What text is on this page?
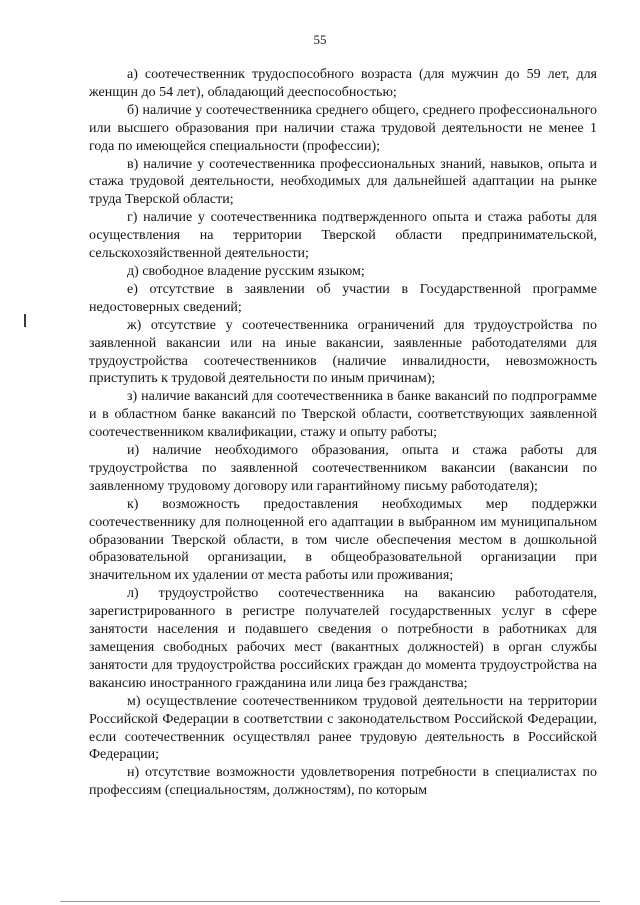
55

а) соотечественник трудоспособного возраста (для мужчин до 59 лет, для женщин до 54 лет), обладающий дееспособностью;

б) наличие у соотечественника среднего общего, среднего профессионального или высшего образования при наличии стажа трудовой деятельности не менее 1 года по имеющейся специальности (профессии);

в) наличие у соотечественника профессиональных знаний, навыков, опыта и стажа трудовой деятельности, необходимых для дальнейшей адаптации на рынке труда Тверской области;

г) наличие у соотечественника подтвержденного опыта и стажа работы для осуществления на территории Тверской области предпринимательской, сельскохозяйственной деятельности;

д) свободное владение русским языком;

е) отсутствие в заявлении об участии в Государственной программе недостоверных сведений;

ж) отсутствие у соотечественника ограничений для трудоустройства по заявленной вакансии или на иные вакансии, заявленные работодателями для трудоустройства соотечественников (наличие инвалидности, невозможность приступить к трудовой деятельности по иным причинам);

з) наличие вакансий для соотечественника в банке вакансий по подпрограмме и в областном банке вакансий по Тверской области, соответствующих заявленной соотечественником квалификации, стажу и опыту работы;

и) наличие необходимого образования, опыта и стажа работы для трудоустройства по заявленной соотечественником вакансии (вакансии по заявленному трудовому договору или гарантийному письму работодателя);

к) возможность предоставления необходимых мер поддержки соотечественнику для полноценной его адаптации в выбранном им муниципальном образовании Тверской области, в том числе обеспечения местом в дошкольной образовательной организации, в общеобразовательной организации при значительном их удалении от места работы или проживания;

л) трудоустройство соотечественника на вакансию работодателя, зарегистрированного в регистре получателей государственных услуг в сфере занятости населения и подавшего сведения о потребности в работниках для замещения свободных рабочих мест (вакантных должностей) в орган службы занятости для трудоустройства российских граждан до момента трудоустройства на вакансию иностранного гражданина или лица без гражданства;

м) осуществление соотечественником трудовой деятельности на территории Российской Федерации в соответствии с законодательством Российской Федерации, если соотечественник осуществлял ранее трудовую деятельность в Российской Федерации;

н) отсутствие возможности удовлетворения потребности в специалистах по профессиям (специальностям, должностям), по которым
